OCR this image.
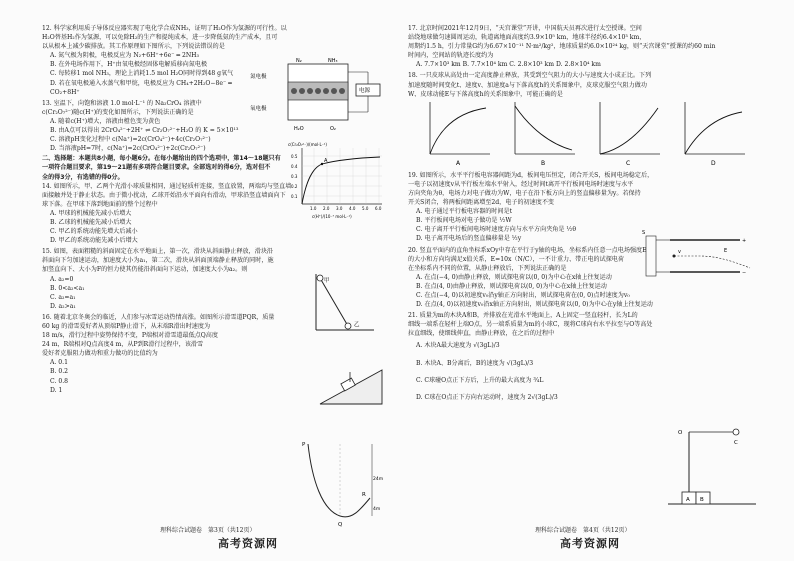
12. 科学家利用质子导体反应器实现了电化学合成NH₃，证明了H₂O作为氢源的可行性。以

H₂O替基H₂作为氢源，可以免除H₂的生产和提纯成本，进一步降低氨的生产成本，且可

以从根本上减少碳排放。其工作原理如下图所示，下列说法错误的是

A. 氮气极为阴极，电极反应为 N₂+6H⁺+6e⁻ ═ 2NH₃

B. 在外电场作用下，H⁺由氧电极经固体电解质移向氮电极

C. 每转移1 mol NH₃，理论上消耗1.5 mol H₂O同时得到48 g氧气

D. 若在氧电极通入水蒸气和甲烷，电极反应为 CH₄+2H₂O−8e⁻ ═ CO₂+8H⁺

13. 室温下，向饱和溶液 1.0 mol·L⁻¹ 的 Na₂CrO₄ 溶液中

c(Cr₂O₇²⁻)随c(H⁺)的变化如图所示，下列说法正确的是

A. 随着c(H⁺)增大，溶液由橙色变为黄色

B. 由A点可以得出 2CrO₄²⁻+2H⁺ ⇌ Cr₂O₇²⁻+H₂O 的 K = 5×10¹³

C. 溶液pH变化过程中 c(Na⁺)=2c(CrO₄²⁻)+4c(Cr₂O₇²⁻)

D. 当溶液pH=7时，c(Na⁺)=2c(CrO₄²⁻)+2c(Cr₂O₇²⁻)

二、选择题：本题共8小题，每小题6分。在每小题给出的四个选项中，第14～18题只有

一项符合题目要求，第19～21题有多项符合题目要求。全部选对的得6分，选对但不

全的得3分，有选错的得0分。

14. 如图所示，甲、乙两个光滑小球质量相同，通过轻质杆连接，竖直放置，两端均与竖直墙

面接触并处于静止状态。由于微小扰动，乙球开始沿水平面向右滑动，甲球沿竖直墙面向下

球下落。在甲球下落到地面前的整个过程中

A. 甲球的机械能先减小后增大

B. 乙球的机械能先减小后增大

C. 甲乙的系统动能先增大后减小

D. 甲乙的系统动能先减小后增大

15. 如图，表面粗糙的斜面固定在水平地面上，第一次，滑块从斜面静止释放，滑块沿

斜面向下匀加速运动，加速度大小为a₁，第二次，滑块从斜面顶端静止释放的同时，施

加竖直向下、大小为F的恒力使其仍能沿斜面向下运动，加速度大小为a₂。则

A. a₂=0

B. 0<a₂<a₁

C. a₂=a₁

D. a₂>a₁

16. 随着北京冬奥会的临近，人们参与冰雪运动热情高涨。如图所示滑雪道PQR，质量

60 kg 的滑雪爱好者从顶端P静止滑下，从末端R滑出时速度为

18 m/s，滑行过程中姿势保持不变，P端相对滑雪道最低点Q高度

24 m，R端相对Q点高度4 m，从P到R滑行过程中，该滑雪

爱好者克服阻力做功和重力做功的比值约为

A. 0.1

B. 0.2

C. 0.8

D. 1

电源
氮电极
氧电极
N₂	NH₃
H₂O	O₂
A
0.5
0.4
0.3
0.2
0.1
1.0 2.0 3.0 4.0 5.0 6.0
c(H⁺)/(10⁻⁷ mol·L⁻¹)
c(Cr₂O₇²⁻)/(mol·L⁻¹)
甲
乙
P
Q
R
24m
4m

17. 北京时间2021年12月9日，“天宫课堂”开讲，中国航天员再次进行太空授课。空间

站绕地球做匀速圆周运动，轨道离地面高度约3.9×10⁵ km，地球半径约6.4×10³ km，

周期约1.5 h，引力常量G约为6.67×10⁻¹¹ N·m²/kg²，地球质量约6.0×10²⁴ kg，则“天宫课堂”授课的约60 min

时间内，空间站的轨迹长度约为

A. 7.7×10³ km B. 7.7×10⁴ km C. 2.8×10³ km D. 2.8×10⁴ km

18. 一只皮球从高处由一定高度静止释放，其受到空气阻力的大小与速度大小成正比。下列

加速度随时间变化t、速度v、加速度a与下落高度h的关系图象中，皮球克服空气阻力做功

W、皮球动能E与下落高度h的关系图象中，可能正确的是

19. 如图所示，水平平行板电容器间距为d，板间电压恒定，闭合开关S，板间电场稳定后，

一电子以初速度v从平行板左端水平射入，经过时间t离开平行板间电场时速度与水平

方向夹角为θ，电场力对电子做功为W，电子在沿下板方向上的竖直偏移量为y。若保持

开关S闭合，将两板间距离增至2d，电子的初速度不变

A. 电子通过平行板电容器的时间是t

B. 平行板间电场对电子做功是 ½W

C. 电子离开平行板间电场时速度方向与水平方向夹角是 ½θ

D. 电子离开电场后的竖直偏移量是 ½y

20. 竖直平面内的直角坐标系xOy中存在平行于y轴的电场，坐标系内任意一点电场强度E

的大小和方向均满足x值关系，E=10x（N/C），一不计重力、带正电的试探电荷

在坐标系内不同的位置，从静止释放后，下列说法正确的是

A. 在点(−4, 0)由静止释放，则试探电荷以(0, 0)为中心在x轴上往复运动

B. 在点(4, 0)由静止释放，则试探电荷以(0, 0)为中心在x轴上往复运动

C. 在点(−4, 0)以初速度v₀沿y轴正方向射出，则试探电荷在(0, 0)点时速度为v₀

D. 在点(4, 0)以初速度v₀沿x轴正方向射出，则试探电荷以(0, 0)为中心在y轴上往复运动

21. 质量为m的木块A和B，并排放在光滑水平地面上，A上固定一竖直轻杆，长为L的

细线一端系在轻杆上端O点，另一端系质量为m的小球C，现将C球向右水平拉至与O等高处

拉直细线，使细线伸直，由静止释放，在之后的过程中

A. 木块A最大速度为 √(3gL)/3

B. 木块A、B分离后，B的速度为 √(3gL)/3

C. C球碰O点正下方后，上升的最大高度为 ¾L

D. C球在O点正下方向右运动时，速度为 2√(3gL)/3

A	B	C	D
S
v	E
+
−
O
C
A B
理科综合试题卷　第3页（共12页）	理科综合试题卷　第4页（共12页）
高考资源网	高考资源网
